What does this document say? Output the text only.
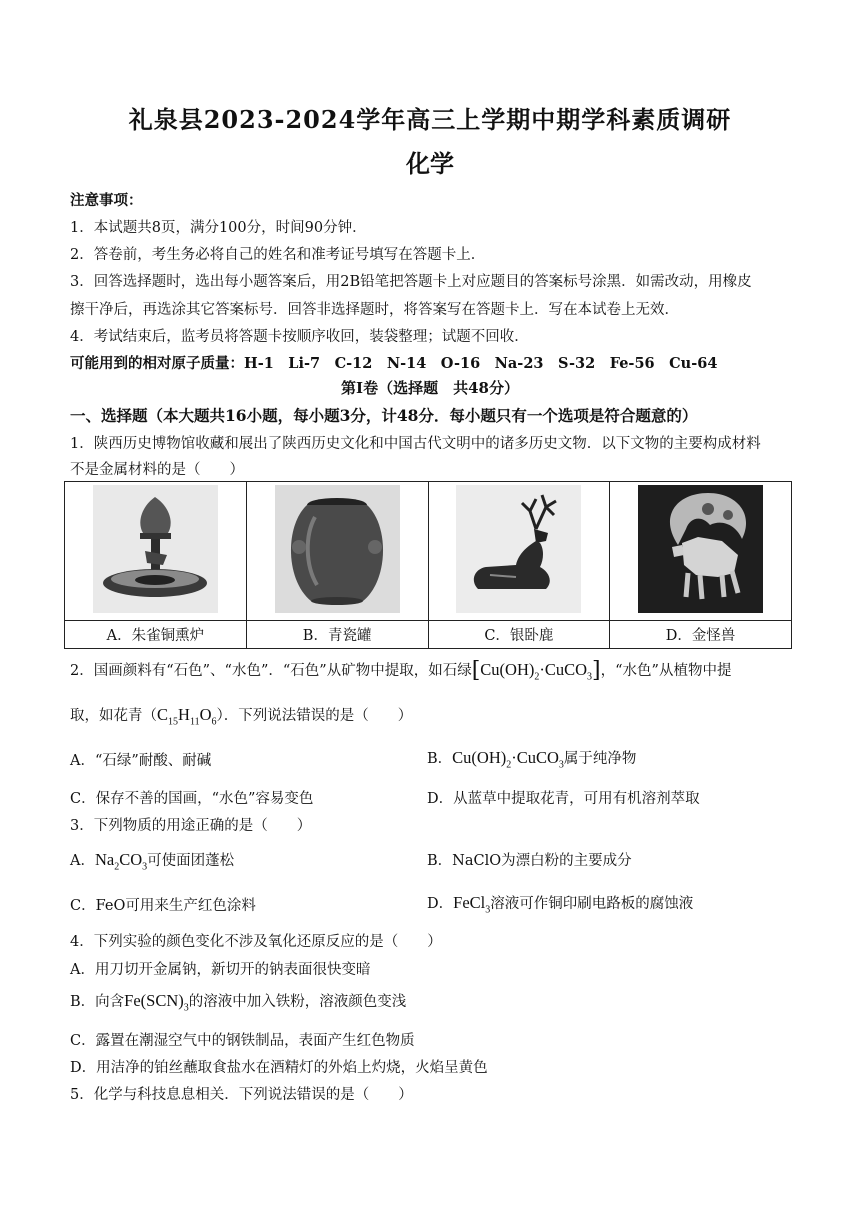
礼泉县2023-2024学年高三上学期中期学科素质调研
化学
注意事项：
1．本试题共8页，满分100分，时间90分钟．
2．答卷前，考生务必将自己的姓名和准考证号填写在答题卡上．
3．回答选择题时，选出每小题答案后，用2B铅笔把答题卡上对应题目的答案标号涂黑．如需改动，用橡皮
擦干净后，再选涂其它答案标号．回答非选择题时，将答案写在答题卡上．写在本试卷上无效．
4．考试结束后，监考员将答题卡按顺序收回，装袋整理；试题不回收．
可能用到的相对原子质量：H-1　Li-7　C-12　N-14　O-16　Na-23　S-32　Fe-56　Cu-64
第Ⅰ卷（选择题　共48分）
一、选择题（本大题共16小题，每小题3分，计48分．每小题只有一个选项是符合题意的）
1．陕西历史博物馆收藏和展出了陕西历史文化和中国古代文明中的诸多历史文物．以下文物的主要构成材料
不是金属材料的是（　　）

A．朱雀铜熏炉	B．青瓷罐	C．银卧鹿	D．金怪兽
2．国画颜料有“石色”、“水色”．“石色”从矿物中提取，如石绿$[Cu(OH)_2\cdot CuCO_3]$，“水色”从植物中提
取，如花青$(C_{15}H_{11}O_6)$．下列说法错误的是（　　）
A．“石绿”耐酸、耐碱	B．$Cu(OH)_2\cdot CuCO_3$属于纯净物
C．保存不善的国画，“水色”容易变色	D．从蓝草中提取花青，可用有机溶剂萃取
3．下列物质的用途正确的是（　　）
A．$Na_2CO_3$可使面团蓬松	B．NaClO为漂白粉的主要成分
C．FeO可用来生产红色涂料	D．FeCl$_3$溶液可作铜印刷电路板的腐蚀液
4．下列实验的颜色变化不涉及氧化还原反应的是（　　）
A．用刀切开金属钠，新切开的钠表面很快变暗
B．向含$Fe(SCN)_3$的溶液中加入铁粉，溶液颜色变浅
C．露置在潮湿空气中的钢铁制品，表面产生红色物质
D．用洁净的铂丝蘸取食盐水在酒精灯的外焰上灼烧，火焰呈黄色
5．化学与科技息息相关．下列说法错误的是（　　）
